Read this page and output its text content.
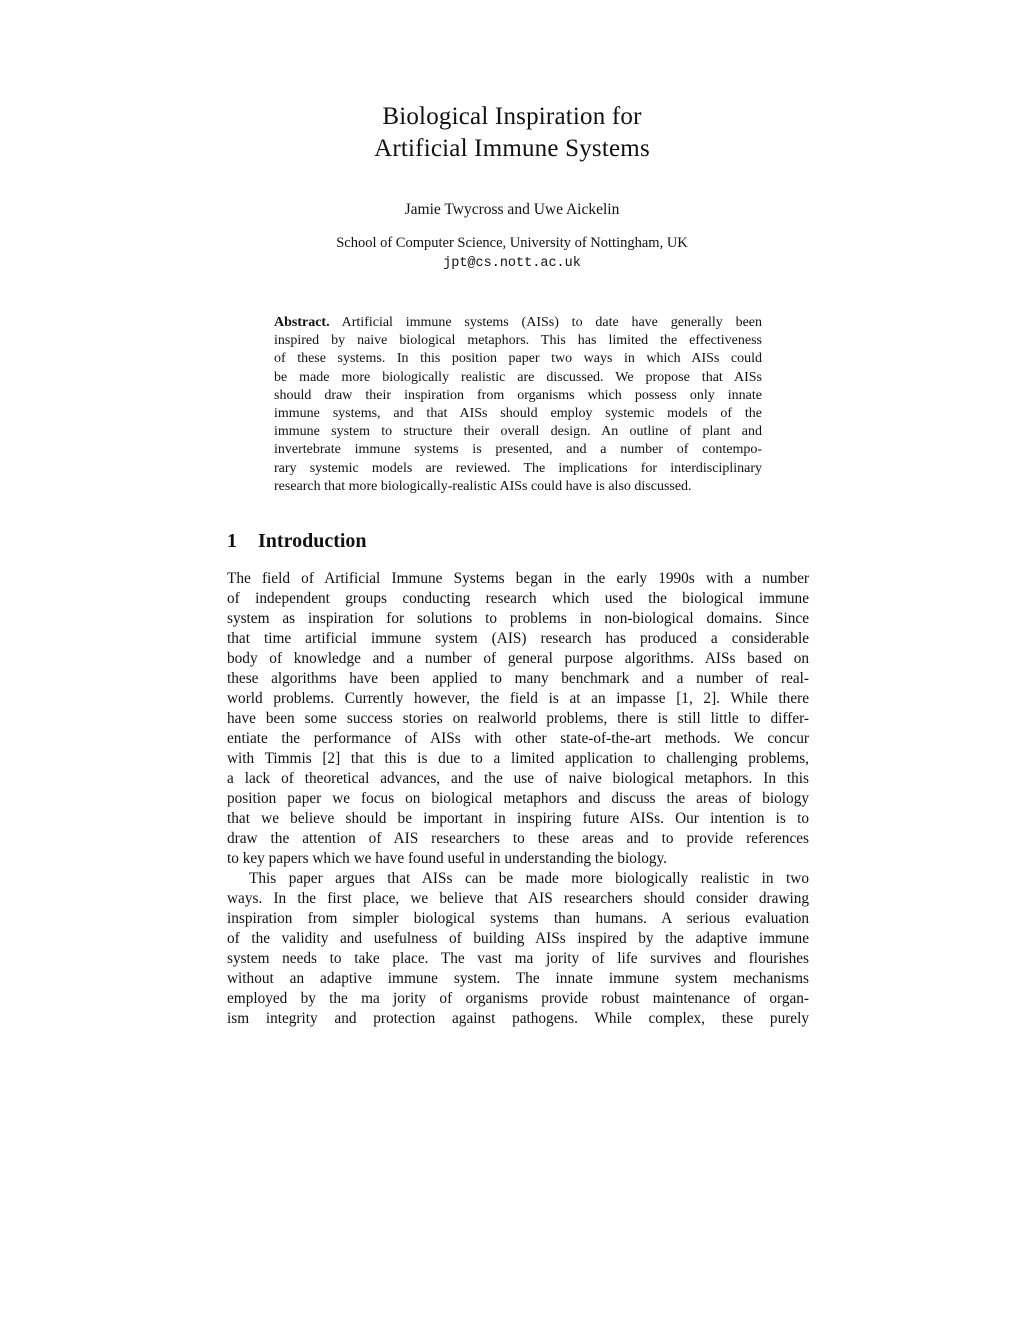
Biological Inspiration for
Artificial Immune Systems
Jamie Twycross and Uwe Aickelin
School of Computer Science, University of Nottingham, UK
jpt@cs.nott.ac.uk
Abstract. Artificial immune systems (AISs) to date have generally been
inspired by naive biological metaphors. This has limited the effectiveness
of these systems. In this position paper two ways in which AISs could
be made more biologically realistic are discussed. We propose that AISs
should draw their inspiration from organisms which possess only innate
immune systems, and that AISs should employ systemic models of the
immune system to structure their overall design. An outline of plant and
invertebrate immune systems is presented, and a number of contempo-
rary systemic models are reviewed. The implications for interdisciplinary
research that more biologically-realistic AISs could have is also discussed.
1 Introduction
The field of Artificial Immune Systems began in the early 1990s with a number
of independent groups conducting research which used the biological immune
system as inspiration for solutions to problems in non-biological domains. Since
that time artificial immune system (AIS) research has produced a considerable
body of knowledge and a number of general purpose algorithms. AISs based on
these algorithms have been applied to many benchmark and a number of real-
world problems. Currently however, the field is at an impasse [1, 2]. While there
have been some success stories on realworld problems, there is still little to differ-
entiate the performance of AISs with other state-of-the-art methods. We concur
with Timmis [2] that this is due to a limited application to challenging problems,
a lack of theoretical advances, and the use of naive biological metaphors. In this
position paper we focus on biological metaphors and discuss the areas of biology
that we believe should be important in inspiring future AISs. Our intention is to
draw the attention of AIS researchers to these areas and to provide references
to key papers which we have found useful in understanding the biology.
This paper argues that AISs can be made more biologically realistic in two
ways. In the first place, we believe that AIS researchers should consider drawing
inspiration from simpler biological systems than humans. A serious evaluation
of the validity and usefulness of building AISs inspired by the adaptive immune
system needs to take place. The vast ma jority of life survives and flourishes
without an adaptive immune system. The innate immune system mechanisms
employed by the ma jority of organisms provide robust maintenance of organ-
ism integrity and protection against pathogens. While complex, these purely
